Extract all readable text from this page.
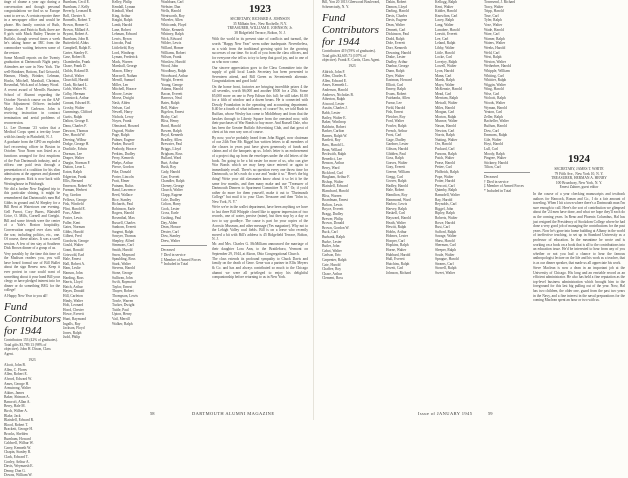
tinge of shame a year ago during a conversation and though personal congratulations we find us so Europe want to see us. A certain reporter there in a newspaper office and would be phone. His family consists of Ruth, Jeanmarie, and Patricia Ruth, three are 8 girls with Mack Bailey Theatre in Buffalo, though several times a week he's taking home an IBC from the commodore waiting between some of the restore.

Some Mornill reports on the Twenty graduation at Dartmouth Night party. Attendees are sure in New York. The well-Brinkner, Bottom, Earl Griswold, Hanson, Hindy, Brinker, Lehman, Hooks, Mitchell, Marshall, Chrinton, Rosenthal, Wick and of Johnny Wood.

A recent award of Merrills Business School of Alumni regarding the October Norwich course on the AAF War Adjustment Officers included Major John P. Carleson. John is receiving instruction in contract termination and aerial problems of reconversion.

Lt. Lee Dorman '23 writes that a Medical Corps spent a ten-day leave with his family in Plainfield, N. J.

A graduate from the GPO an exploded fuel recovering officer in Boston in October. Your Norm was listed as a functions arranged for first eruptions of the Fair Dartmouth industry, and a riffraw one paid tests through a presentation of a coalition for his slim admissions at the appears and planned dress program. Kirk is now back with Westinghouse in Pittsburgh.

We did a further New England trip to this particular shining, it might be remembered that Dartmouth's men Hal Gibbs in ground and Al Shepley for a Bill Bent at Watertown one evening. Gell Purrot, Cory Burns, Blaisdell Grice, O. Mills, Cornell and Greight. Bill and some friends were the center of a Yale's Boston hospitality. Conversation ranged over class with the war, including politics, etc., one. Of course, these affairs. It was a swell session. A few of ten stay at Southern Disk Brown dinner of a group of us.

Very possibly by the time this time of the Madison readers you, you will have heard formal use of Bill Bullet about the sign Renew now. Keep it ever protest in case sould want of something about it your hand Bill your clergy or have pledged interest into for dinner or do something BEG for the college!

A Happy New Year to you all!

Fund Contributors for 1944
Contributors 153 (42% of graduates). Total gifts $3,789.13 (98% of objective). John H. Dixon, Class Agent.
1923
Alcott, John B.
Allen, C. Flores
Allen, Robert E.
Alvord, Edward W.
Ames, George H.
Armstrong, Walter
Atkins, James
Baker, Shimon A.
Bancroft, Allan A.
Berry, Hale M.
Birch, Wilber A.
Blake, Jack
Blaisdell, Edward R.
Blood, Robert T.
Brackett, George H.
Brooks, Shelden
Burnham, Howard
Caldwell, Wilbur W.
Carey, Kenneth W.
Chapin, Stanley R.
Clark, Edward T.
Conley, Arthur A.
Davis, Weymarsh E.
Denny, Don G.
Downs, William W.
Burnham, Cecil E.
Burnham, J. Kelly
Beverly, Leonard R.
Boll, Chester A.
Bonnells, Robert T.
Brown, Homer G.
Brown, Millard A.
Bryant, Robert A.
Burnham, John R.
Butterfield, Aldus
Campbell, Ralph E.
Carter, Stanley E.
Case, Robert B.
Chamberlin, Frank
Chase, Frank D.
Childs, Roland D.
Christl, Walter
Churchill, Harold
Clark, Richard L.
Cobb, Walter W.
Colby, Herman
Comstock, Arthur
Conant, Edward R.
Crosby, Walter
Cummings, Clifford
Curtis, Ralph
Dalton, George E.
Dana, Charles F.
Dawson, Thomas
Dee, Harold W.
Deering, Wilbur
Dodge, George H.
Doolittle, Edwin
Dorman, Lee
Draper, Walter
Durgin, Norman F.
Dutton, Leon L.
Eaton, Ralph
Edgerton, Frank
Ellis, Bernard
Emerson, Robert W.
Farnum, Herbert
Fay, Gordon
Fellows, George
Fisk, Winfield
Flint, Harold E.
Foss, Albert
Foster, Lewis
Fuller, Kent
Gates, Norman
Gibbs, Harold
Gilbert, Fred
Goodwin, George
Gould, Walter
Grant, Ronald
Griswold, Earl
Hale, Ernest
Hall, Robert A.
Ham, Leslie
Hanson, John
Harding, Ross
Harris, Lloyd
Hatch, Arthur
Hayes, Donald
Hill, Carleton
Hindy, Walter
Holt, Leonard
Hood, Chester
Howe, Everett
Hunt, Raymond
Ingalls, Ray
Jackson, Floyd
Jones, Ralph
Judd, Philip
Kelley, Philip
Kendall, Lyman
Kimball, Ward
King, Arthur
Knight, Ralph
Lamb, Harold
Lane, Robert
Lehman, Edward
Lewis, Byron
Lincoln, Paul
Littlefield, Roy
Lord, Winthrop
Lyman, Frederick
Mack, Warren
Marshall, George
Mason, Ellery
Maxwell, Nathan
Merrill, Samuel
Miller, Leo
Mitchell, Horace
Moore, Lester
Morse, Dwight
Nash, Alden
Nelson, Carl
Newell, Harry
Nichols, Leroy
Noyes, Frank
Olmstead, Howard
Osgood, Walter
Page, Ralph
Palmer, Eugene
Parker, Russell
Peabody, Horace
Perkins, Dudley
Perry, Kenneth
Phelps, Arthur
Pierce, Gordon
Pike, Donald
Porter, Lincoln
Pratt, Elmer
Putnam, Rufus
Rand, Lawrence
Reed, Wallace
Rice, Stanley
Richards, Paul
Robinson, Earle
Rogers, Harold
Rosenthal, Max
Russell, Charles
Sanborn, Everett
Sargent, Ralph
Sawyer, Thomas
Shepley, Alfred
Simmons, Carl
Smith, Harold
Snow, Maynard
Spaulding, Ross
Stark, Walter
Stevens, Harold
Stone, George
Sullivan, John
Swift, Raymond
Taylor, Ernest
Thayer, Robert
Thompson, Lewis
Towle, Warren
Tucker, Dwight
Tuttle, Paul
Upton, Henry
Vail, Merrill
Walker, Ralph
Washburn, Carl
Webster, Dan
Wells, Harold
Wentworth, Roy
Wheeler, Allen
Whitcomb, Floyd
White, Kenneth
Whitney, Ralph
Wick, Edward
Wilder, Lewis
Willard, Homer
Williams, Robert
Wilson, Frank
Winslow, Harold
Wood, John
Woodbury, Ralph
Woodward, Arthur
Wright, Everett
Young, George
Adams, Harold
Bacon, Everett
Barrows, Neal
Bates, Ralph
Bell, Walter
Bigelow, Ernest
Bixby, Carl
Bliss, Henry
Bond, Harold
Bowen, Ralph
Boyd, Kenneth
Bradley, Allen
Brewster, Paul
Briggs, Lloyd
Brigham, Ross
Bullard, Ward
Burt, Arthur
Bush, Roy
Cady, Harold
Carr, Everett
Chandler, Ralph
Cheney, George
Church, Walter
Clapp, Eugene
Cole, Dudley
Colton, Harry
Cook, Lester
Cross, Earle
Cushing, Paul
Day, Alden
Dean, Horace
Dexter, Carl
Dow, Stanley
Drew, Walter
Deceased
† Died in service
‡ Member of Armed Forces
* Included in Total
1923
SECRETARY, RICHARD A. JOHNSON
35 Milbain Ave., New Rochelle, N.Y.
TREASURER, WILLIAM E. JOHNSON, Jr.
38 Ridgefield Terrace, Bolton, N. J.

With the world in its present state of conflicts and turmoil, the words "Happy New Year" seem rather inadequate. Nevertheless, as a wish from the traditional growing spirit for the growing successes of our time. So to all of you from the class officers, and for everyone else tell us to try to keep that good joy, and to one of us who now come.

Our sincere appreciation goes to the Class Committee into the supply of gold local Loads Secretary has been presented to Seventeen attend, and Bill Green as Seventeenth alternate. Congratulations and good luck!

On the home front, factories are bringing incredible prizes 4 the all sevenths, worth $6,000 and another $500 for a 25th. Some $5,000 more on one to Prep Edison this fall; he still takes $1.00 for a fifth of window and a dozen beans. He is connected with Dowdy Foundation in the operating and accounting department. $.40 he a fourth of what influence, of course? So, we told Rush in Ruffian, whose Wesley has come to Middlebury and from that the hawkes through to Liberty Square from the onestead now, with their purchases of War Bonds to buy more. And Russell Dale, who has been the Greater Buffalo Advertising Club, and that great of chest at his own way was of course.

By now, you've probably heard from John Riggel, now chairman of our 24th Year Mr. Riggel has written letters to all members of the classes in years past have given generously of funds and claims and of the banquets up us. John's letter is an endorsement of a project dug up from the envelopes under the old letters of the book. I'm going to be a bit easier for more of us, who can give War Bonds which we may keep since entered or again to immediately recall. There's no question every one throw time for Dartmouth, so let's each do a use and "make it so." Here's the big thing! Write your old classmates know about it so let it be the same few months, and then many make and use "Treasurer of Dartmouth Dinners to Apartment Committee N. H." Or, if you'd rather do more for them yourself, make it out to "Dartmouth College" but mail it to your Class Treasurer and then "John to, New York, N. Y."

We're we're in the wallet department, have been anything we have to last three Bill Whipple closed like to appear impression of two records, one of water, precise (mine), but then stop by a day or two to say goodbye. The cause is part for your copies of the Acrostic Museum, and other message (Yes magazine). Why not to the Lehigh Valley coal fields. Bill is on a leave who recently moved a bit with Bill's address is 45 Ridgefield Terrace, Bolton, N. J.

Mr. and Mrs. Charles G. McMilliam announced the marriage of their daughter Lora Ann, to the Brattleboro, Vermont on September 29, 1944, at Akron, Ohio Congregational Church.

The class extends its profound sympathy to Chuck Davis and family on the death of Gene. Gene was a partner in Ellis Meyers & Co. and has and always contributed so much to the Chicago alumni we were all privileged to enjoy his delightful companionship before returning to us in New York.

58	DARTMOUTH ALUMNI MAGAZINE
Bill, Yon 20 1013 Glenwood Boulevard, Schenectady, N. Y.
Fund Contributors for 1944
Contributors 419 (59% of graduates). Total gifts $2,605.73 (107% of objective). Frank E. Curtis, Class Agent.
1923
Aldrich, John F.
Allen, Charles E.
Allen, Edward E.
Ames, Kenneth L.
Anderson, Harold
Andrews, Nicholas B.
Atherton, Ralph
Atwood, Lester
Austin, Charles J.
Babb, Lester
Bailey, Walter E.
Baker, Winthrop
Baldwin, Robert
Barker, Carlton
Barnes, Ralph W.
Bartlett, Roy
Bass, Harold L.
Bean, Willard
Beckwith, Ralph
Benedict, Lee
Benson, Arthur
Berry, Ward
Bickford, Carl
Bingham, Arthur F.
Bishop, Walter
Blaisdell, Edward
Blanchard, Harold
Bliss, Warren
Boardman, Ernest
Bolton, Lewis
Boyce, Everett
Bragg, Dudley
Brewer, Philip
Brown, Donald
Brown, Gordon W.
Buck, Carl
Burbank, Ralph
Burke, Lester
Butler, John
Cabot, Walter
Carlson, Eric
Carpenter, Ralph
Cate, Harold
Chaffee, Roy
Chase, Arthur
Clement, Ross
Dakin, Robert
Damon, Lloyd
Darling, Harold
Davis, Charles
Davis, Eugene
Dean, Walter
Dennett, Carl
Dickinson, Paul
Dodd, Ralph
Dole, Everett
Dorr, Kenneth
Downing, Harold
Drake, Lester
Dudley, Arthur
Dunbar, George
Dunn, Ralph
Dyer, Walter
Eastman, Howard
Elliott, Carl
Emery, Ralph
Evans, Robert
Fairbanks, Allen
Farrar, Lee
Field, Harold
Fish, Ernest
Fletcher, Roy
Ford, Walter
Fowler, Ralph
French, Arthur
Frost, Carl
Gage, Dudley
Gardner, Lester
Gibson, Harold
Glidden, Paul
Goss, Ralph
Graves, Walter
Gray, Everett
Greene, William
Gregg, Carl
Grover, Ralph
Hadley, Harold
Hale, Robert
Hamilton, Roy
Hammond, Ward
Harlow, Lewis
Harvey, Ralph
Haskell, Carl
Hayward, Harold
Heath, Walter
Hewitt, Ralph
Hobbs, Arthur
Holmes, Lester
Hooper, Carl
Hopkins, Ralph
Horne, Walter
Hubbard, Harold
Hull, Everett
Hutchins, Ralph
Jewett, Carl
Johnson, Richard
Kellogg, Ralph
Kent, Walter
Kidder, Harold
Knowlton, Carl
Lacey, Ralph
Lang, Walter
Larrabee, Harold
Leavitt, Everett
Lee, Carl
Leland, Ralph
Libby, Walter
Little, Harold
Locke, Carl
Lovejoy, Ralph
Lowell, Walter
Lyon, Harold
Mann, Carl
Marsh, Ralph
Mayo, Walter
McKenzie, Harold
Mead, Carl
Merriam, Ralph
Metcalf, Walter
Miles, Harold
Morgan, Carl
Morton, Ralph
Munroe, Walter
Nason, Harold
Newton, Carl
Norris, Ralph
Nutting, Walter
Orr, Harold
Packard, Carl
Parsons, Ralph
Patch, Walter
Pease, Harold
Pettee, Carl
Philbrick, Ralph
Pope, Walter
Potter, Harold
Prescott, Carl
Quimby, Ralph
Ramsdell, Walter
Ray, Harold
Reynolds, Carl
Riggel, John
Ripley, Ralph
Roberts, Walter
Rowe, Harold
Rust, Carl
Safford, Ralph
Savage, Walter
Shaw, Harold
Sherman, Carl
Sleeper, Ralph
Soule, Walter
Sprague, Harold
Stearns, Carl
Stowell, Ralph
Sweet, Walter
Townsend, J. Richard
Tracy, Walter
Tripp, Harold
True, Carl
Tyler, Ralph
Vose, Walter
Wade, Harold
Ware, Carl
Warner, Ralph
Waters, Walter
Weeks, Harold
Weld, Carl
West, Ralph
Weston, Walter
Wetherbee, Harold
Whipple, William
Whiting, Carl
Whittier, Ralph
Wiggin, Walter
Wing, Harold
Wise, Carl
Wolcott, Ralph
Woods, Walter
Wyman, Harold
Yeaton, Carl
Zeller, Ralph
Bacheller, Walter
Buffum, Harold
Dow, Carl
Emmons, Ralph
Gile, Walter
Hoyt, Harold
Lull, Carl
Moody, Ralph
Pingree, Walter
Stickney, Harold
Tilton, Carl
Deceased
† Died in service
‡ Member of Armed Forces
* Included in Total
1924
SECRETARY, JAMES T. WHITE
79 Fifth Ave., New York 10, N. Y.
TREASURER, HERMAN A. HENRY
100 Broadway, New York, N. Y.
Ernest Zahner, guest editor

In the course of a year checking manuscripts and textbook authors for Hancock, Ronan and Co., I do a fair amount of traveling. When I hit a town where there's a Dartmouth man I'm sure enough to call. Here's the sort of contribution we glimpsed about the '24 men have done, and what we hope they'll each do as the coming years. In Reno and Phoenix Columbus, Hal has just resigned the Presidency of Stockdom College where he had done a very good job of managing the contributions for the past years. Now he's gone into home building at Albany in the world of ineffective teaching, to set up in Standard University as a professor of education. In the meantime he wrote and is working on a book on a book that is all to the contributions into an education issue. He'd be interested to hear from any of you whether or not you had a chance to hear the famous anthropologist lecture on the life and his work as a teacher, that is as our dinner speaker, that made us all appreciate his work.

Steve Maclean is now a dean in an important job at the University of Chicago. His long and an enviable record as an efficient administrator. He also has held a fine reputation as the top-level business administration which brought him to the foreground for this last big pulling out of the year. Now, Hal has two children, the older one, guard from the past two years in the Navy, and a fine interest in the naval preparations for the coming Maclean spent an hour or two with us.

Issue of JANUARY 1945	59
